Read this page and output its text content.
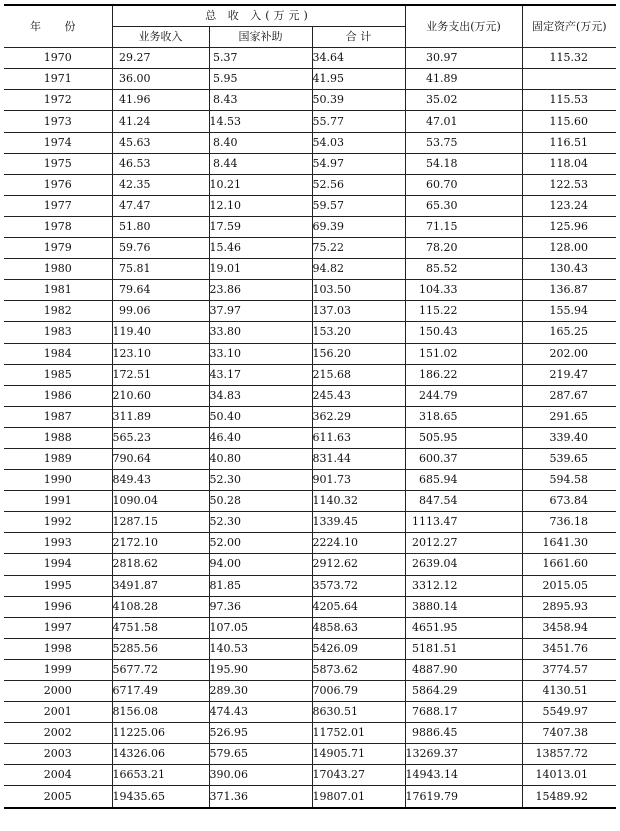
年 份	总 收 入(万元)			业务支出(万元)	固定资产(万元)
	业务收入	国家补助	合 计		
1970	29.27	5.37	34.64	30.97	115.32
1971	36.00	5.95	41.95	41.89	
1972	41.96	8.43	50.39	35.02	115.53
1973	41.24	14.53	55.77	47.01	115.60
1974	45.63	8.40	54.03	53.75	116.51
1975	46.53	8.44	54.97	54.18	118.04
1976	42.35	10.21	52.56	60.70	122.53
1977	47.47	12.10	59.57	65.30	123.24
1978	51.80	17.59	69.39	71.15	125.96
1979	59.76	15.46	75.22	78.20	128.00
1980	75.81	19.01	94.82	85.52	130.43
1981	79.64	23.86	103.50	104.33	136.87
1982	99.06	37.97	137.03	115.22	155.94
1983	119.40	33.80	153.20	150.43	165.25
1984	123.10	33.10	156.20	151.02	202.00
1985	172.51	43.17	215.68	186.22	219.47
1986	210.60	34.83	245.43	244.79	287.67
1987	311.89	50.40	362.29	318.65	291.65
1988	565.23	46.40	611.63	505.95	339.40
1989	790.64	40.80	831.44	600.37	539.65
1990	849.43	52.30	901.73	685.94	594.58
1991	1090.04	50.28	1140.32	847.54	673.84
1992	1287.15	52.30	1339.45	1113.47	736.18
1993	2172.10	52.00	2224.10	2012.27	1641.30
1994	2818.62	94.00	2912.62	2639.04	1661.60
1995	3491.87	81.85	3573.72	3312.12	2015.05
1996	4108.28	97.36	4205.64	3880.14	2895.93
1997	4751.58	107.05	4858.63	4651.95	3458.94
1998	5285.56	140.53	5426.09	5181.51	3451.76
1999	5677.72	195.90	5873.62	4887.90	3774.57
2000	6717.49	289.30	7006.79	5864.29	4130.51
2001	8156.08	474.43	8630.51	7688.17	5549.97
2002	11225.06	526.95	11752.01	9886.45	7407.38
2003	14326.06	579.65	14905.71	13269.37	13857.72
2004	16653.21	390.06	17043.27	14943.14	14013.01
2005	19435.65	371.36	19807.01	17619.79	15489.92
